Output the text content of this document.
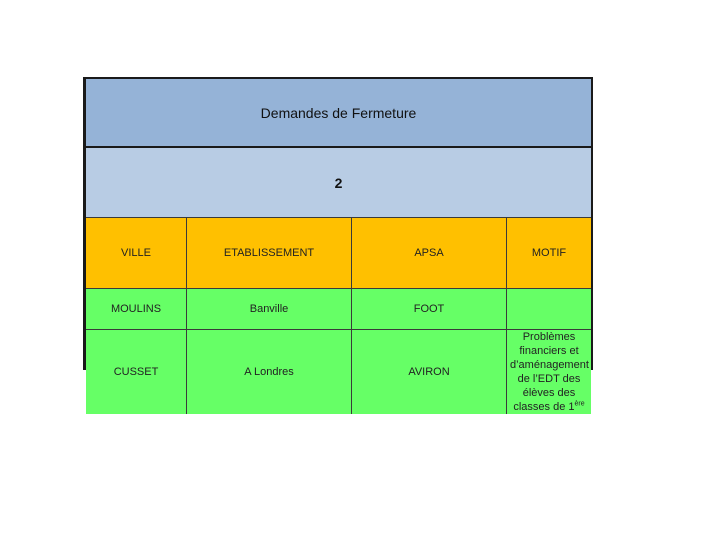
Demandes de Fermeture
2
VILLE	ETABLISSEMENT	APSA	MOTIF
MOULINS	Banville	FOOT	
CUSSET	A Londres	AVIRON	Problèmes financiers et d’aménagement de l’EDT des élèves des classes de 1ère
